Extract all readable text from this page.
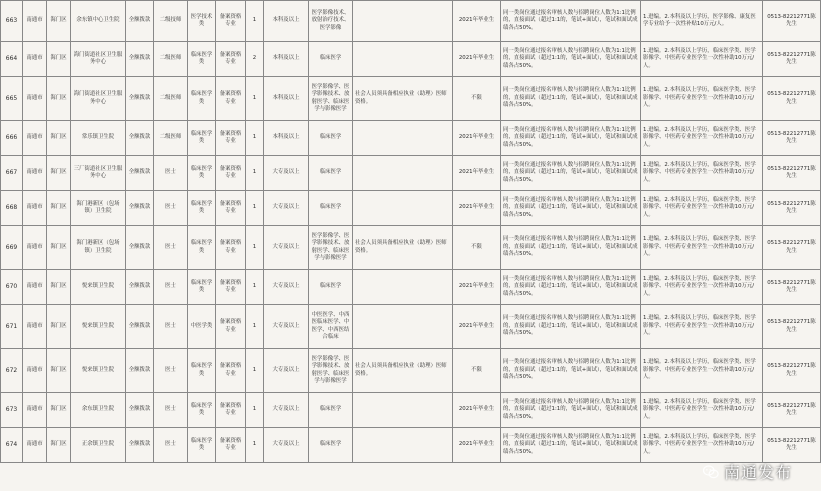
663	南通市	海门区	余东镇中心卫生院	全额拨款	二级技师	医学技术类	备案资格专业	1	本科及以上	医学影像技术、放射治疗技术、医学影像		2021年毕业生	同一类岗位通过报名审核人数与招聘岗位人数为1:1比例的，直接面试（超过1:1的，笔试+面试），笔试和面试成绩各占50%。	1.进编。2.本科及以上学历，医学影像、康复医学专业给予一次性补贴10万元/人。	0513-82212771陈先生
664	南通市	海门区	海门街道社区卫生服务中心	全额拨款	二级医师	临床医学类	备案资格专业	2	本科及以上	临床医学		2021年毕业生	同一类岗位通过报名审核人数与招聘岗位人数为1:1比例的，直接面试（超过1:1的，笔试+面试），笔试和面试成绩各占50%。	1.进编。2.本科及以上学历，临床医学类、医学影像学、中医药专业医学生一次性补助10万元/人。	0513-82212771陈先生
665	南通市	海门区	海门街道社区卫生服务中心	全额拨款	二级医师	临床医学类	备案资格专业	1	本科及以上	医学影像学、医学影像技术、放射医学、临床医学与影像医学	社会人员须具备相应执业（助理）医师资格。	不限	同一类岗位通过报名审核人数与招聘岗位人数为1:1比例的，直接面试（超过1:1的，笔试+面试），笔试和面试成绩各占50%。	1.进编。2.本科及以上学历，临床医学类、医学影像学、中医药专业医学生一次性补助10万元/人。	0513-82212771陈先生
666	南通市	海门区	常乐镇卫生院	全额拨款	二级医师	临床医学类	备案资格专业	1	本科及以上	临床医学		2021年毕业生	同一类岗位通过报名审核人数与招聘岗位人数为1:1比例的，直接面试（超过1:1的，笔试+面试），笔试和面试成绩各占50%。	1.进编。2.本科及以上学历，临床医学类、医学影像学、中医药专业医学生一次性补助10万元/人。	0513-82212771陈先生
667	南通市	海门区	三厂街道社区卫生服务中心	全额拨款	医士	临床医学类	备案资格专业	1	大专及以上	临床医学		2021年毕业生	同一类岗位通过报名审核人数与招聘岗位人数为1:1比例的，直接面试（超过1:1的，笔试+面试），笔试和面试成绩各占50%。	1.进编。2.本科及以上学历，临床医学类、医学影像学、中医药专业医学生一次性补助10万元/人。	0513-82212771陈先生
668	南通市	海门区	海门港新区（包场镇）卫生院	全额拨款	医士	临床医学类	备案资格专业	1	大专及以上	临床医学		2021年毕业生	同一类岗位通过报名审核人数与招聘岗位人数为1:1比例的，直接面试（超过1:1的，笔试+面试），笔试和面试成绩各占50%。	1.进编。2.本科及以上学历，临床医学类、医学影像学、中医药专业医学生一次性补助10万元/人。	0513-82212771陈先生
669	南通市	海门区	海门港新区（包场镇）卫生院	全额拨款	医士	临床医学类	备案资格专业	1	大专及以上	医学影像学、医学影像技术、放射医学、临床医学与影像医学	社会人员须具备相应执业（助理）医师资格。	不限	同一类岗位通过报名审核人数与招聘岗位人数为1:1比例的，直接面试（超过1:1的，笔试+面试），笔试和面试成绩各占50%。	1.进编。2.本科及以上学历，临床医学类、医学影像学、中医药专业医学生一次性补助10万元/人。	0513-82212771陈先生
670	南通市	海门区	悦来镇卫生院	全额拨款	医士	临床医学类	备案资格专业	1	大专及以上	临床医学		2021年毕业生	同一类岗位通过报名审核人数与招聘岗位人数为1:1比例的，直接面试（超过1:1的，笔试+面试），笔试和面试成绩各占50%。	1.进编。2.本科及以上学历，临床医学类、医学影像学、中医药专业医学生一次性补助10万元/人。	0513-82212771陈先生
671	南通市	海门区	悦来镇卫生院	全额拨款	医士	中医学类	备案资格专业	1	大专及以上	中医医学、中西医临床医学、中医学、中西医结合临床		2021年毕业生	同一类岗位通过报名审核人数与招聘岗位人数为1:1比例的，直接面试（超过1:1的，笔试+面试），笔试和面试成绩各占50%。	1.进编。2.本科及以上学历，临床医学类、医学影像学、中医药专业医学生一次性补助10万元/人。	0513-82212771陈先生
672	南通市	海门区	悦来镇卫生院	全额拨款	医士	临床医学类	备案资格专业	1	大专及以上	医学影像学、医学影像技术、放射医学、临床医学与影像医学	社会人员须具备相应执业（助理）医师资格。	不限	同一类岗位通过报名审核人数与招聘岗位人数为1:1比例的，直接面试（超过1:1的，笔试+面试），笔试和面试成绩各占50%。	1.进编。2.本科及以上学历，临床医学类、医学影像学、中医药专业医学生一次性补助10万元/人。	0513-82212771陈先生
673	南通市	海门区	余东镇卫生院	全额拨款	医士	临床医学类	备案资格专业	1	大专及以上	临床医学		2021年毕业生	同一类岗位通过报名审核人数与招聘岗位人数为1:1比例的，直接面试（超过1:1的，笔试+面试），笔试和面试成绩各占50%。	1.进编。2.本科及以上学历，临床医学类、医学影像学、中医药专业医学生一次性补助10万元/人。	0513-82212771陈先生
674	南通市	海门区	正余镇卫生院	全额拨款	医士	临床医学类	备案资格专业	1	大专及以上	临床医学		2021年毕业生	同一类岗位通过报名审核人数与招聘岗位人数为1:1比例的，直接面试（超过1:1的，笔试+面试），笔试和面试成绩各占50%。	1.进编。2.本科及以上学历，临床医学类、医学影像学、中医药专业医学生一次性补助10万元/人。	0513-82212771陈先生
南通发布
